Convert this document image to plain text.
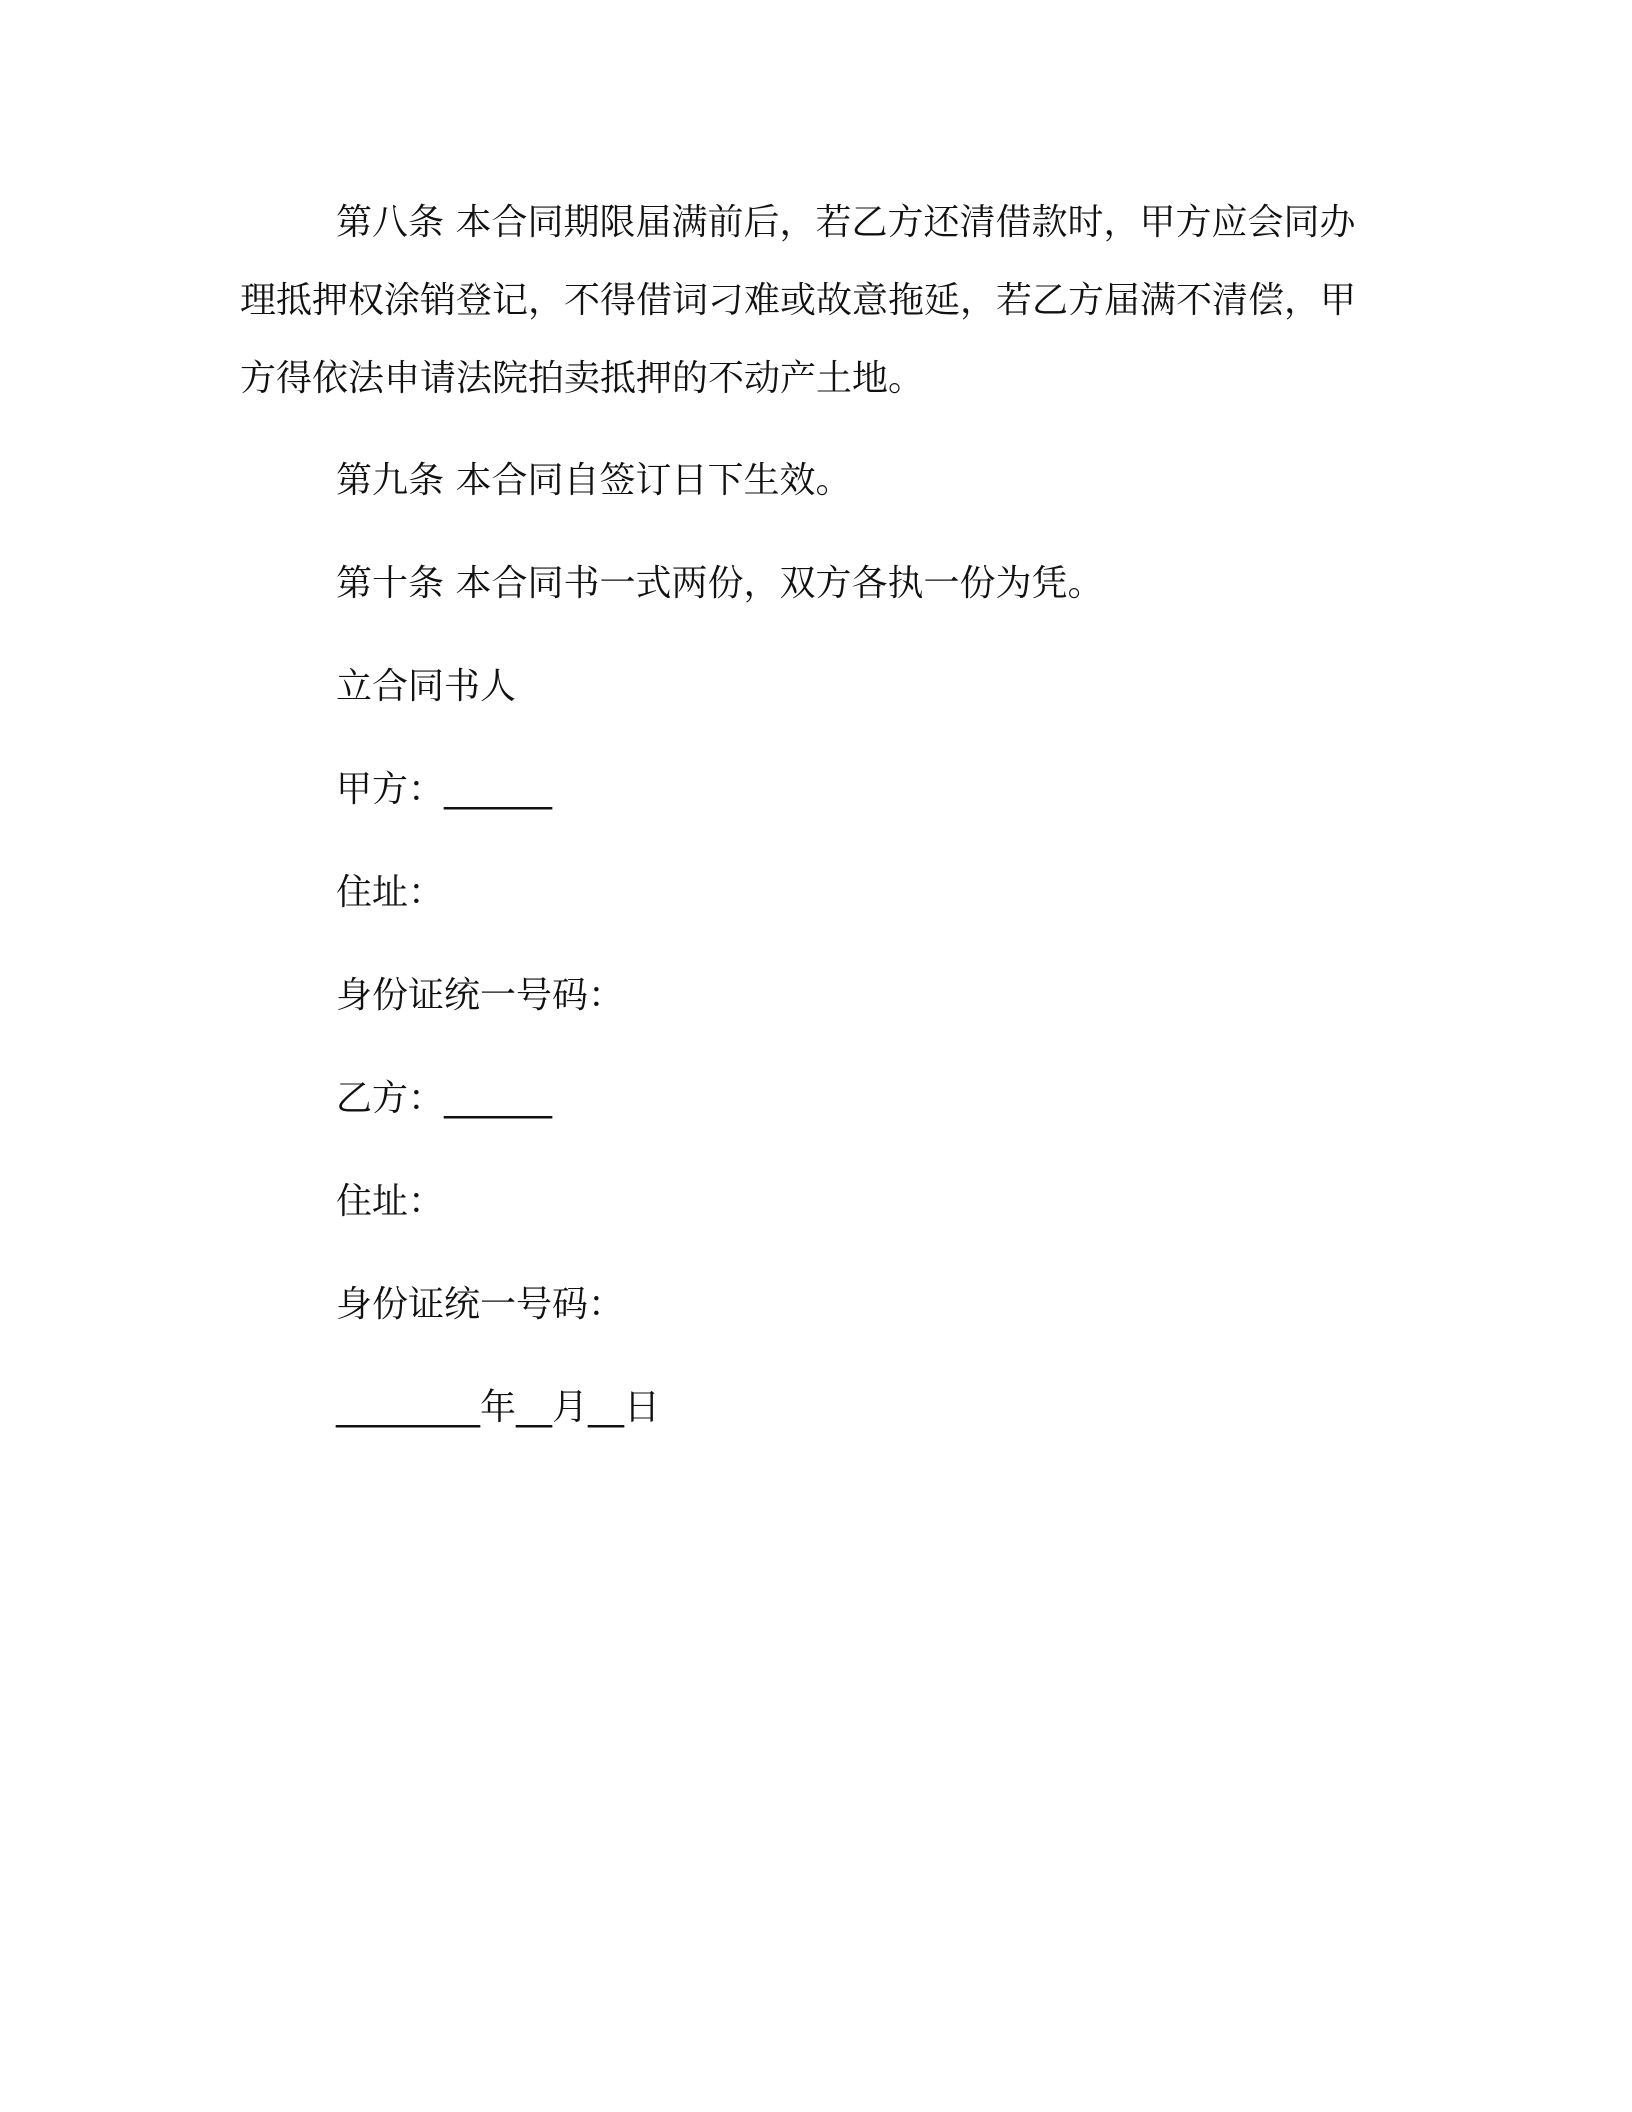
第八条 本合同期限届满前后，若乙方还清借款时，甲方应会同办理抵押权涂销登记，不得借词刁难或故意拖延，若乙方届满不清偿，甲方得依法申请法院拍卖抵押的不动产土地。

第九条 本合同自签订日下生效。

第十条 本合同书一式两份，双方各执一份为凭。

立合同书人

甲方：______

住址：

身份证统一号码：

乙方：______

住址：

身份证统一号码：

________年__月__日
